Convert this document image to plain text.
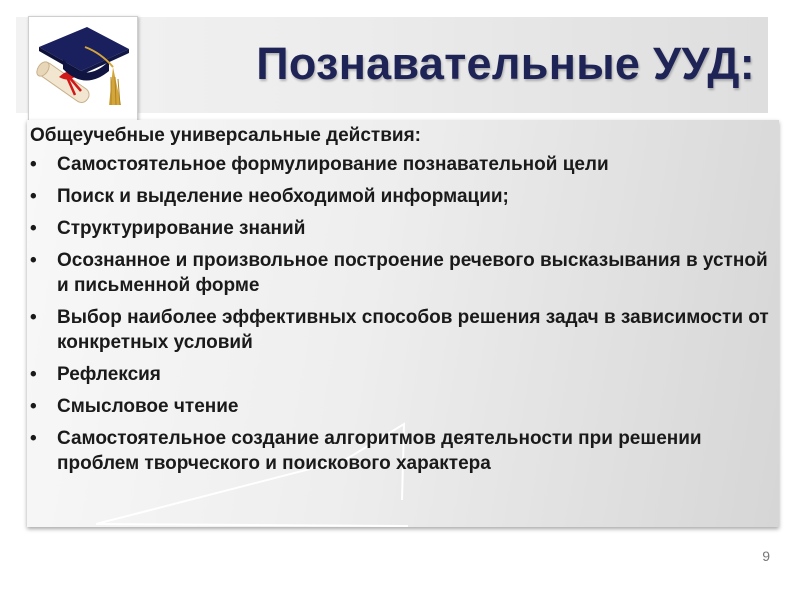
Познавательные УУД:

Общеучебные универсальные действия:

• Самостоятельное формулирование познавательной цели
• Поиск и выделение необходимой информации;
• Структурирование знаний
• Осознанное и произвольное построение речевого высказывания в устной и письменной форме
• Выбор наиболее эффективных способов решения задач в зависимости от конкретных условий
• Рефлексия
• Смысловое чтение
• Самостоятельное создание алгоритмов деятельности при решении проблем творческого и поискового характера
9
